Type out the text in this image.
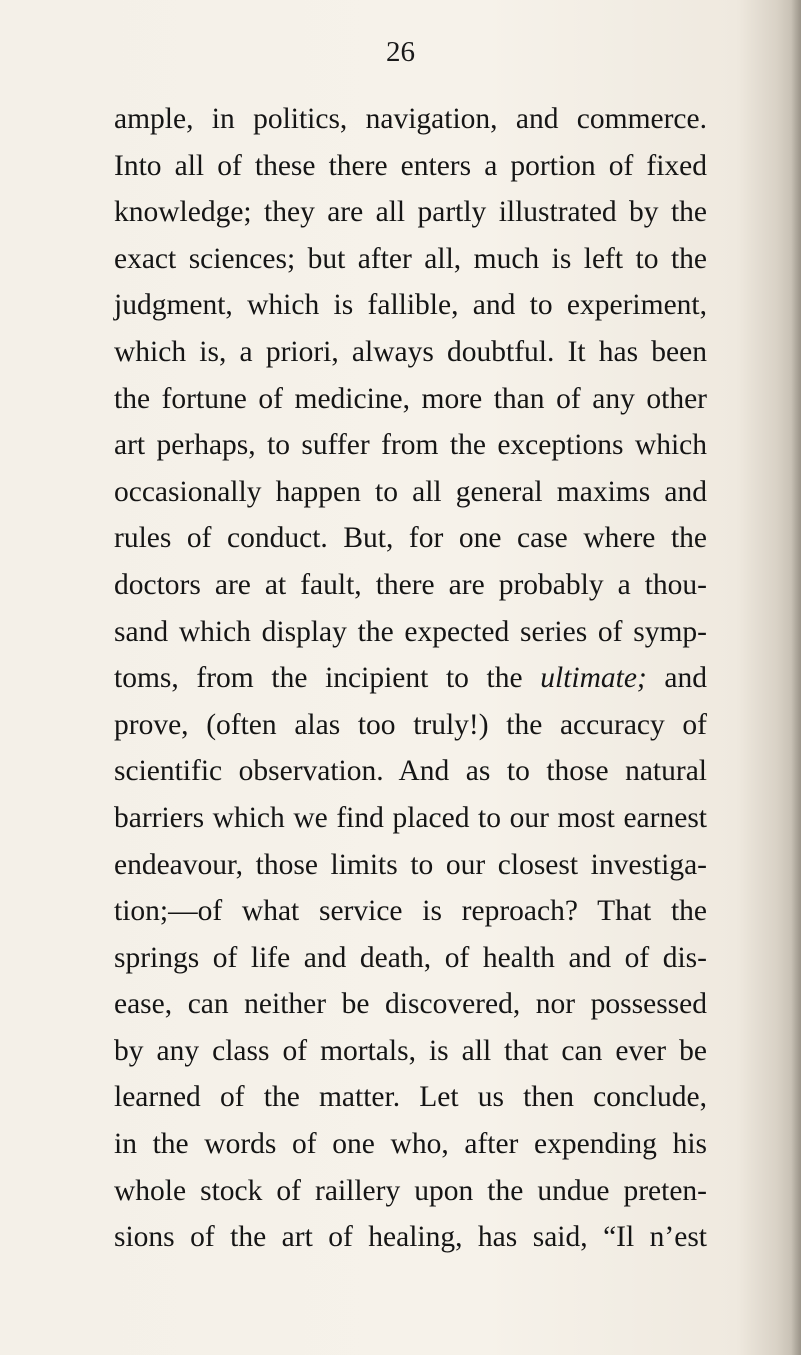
26
ample, in politics, navigation, and commerce.
Into all of these there enters a portion of fixed
knowledge; they are all partly illustrated by the
exact sciences; but after all, much is left to the
judgment, which is fallible, and to experiment,
which is, a priori, always doubtful. It has been
the fortune of medicine, more than of any other
art perhaps, to suffer from the exceptions which
occasionally happen to all general maxims and
rules of conduct. But, for one case where the
doctors are at fault, there are probably a thou-
sand which display the expected series of symp-
toms, from the incipient to the ultimate; and
prove, (often alas too truly!) the accuracy of
scientific observation. And as to those natural
barriers which we find placed to our most earnest
endeavour, those limits to our closest investiga-
tion;—of what service is reproach? That the
springs of life and death, of health and of dis-
ease, can neither be discovered, nor possessed
by any class of mortals, is all that can ever be
learned of the matter. Let us then conclude,
in the words of one who, after expending his
whole stock of raillery upon the undue preten-
sions of the art of healing, has said, “Il n’est
